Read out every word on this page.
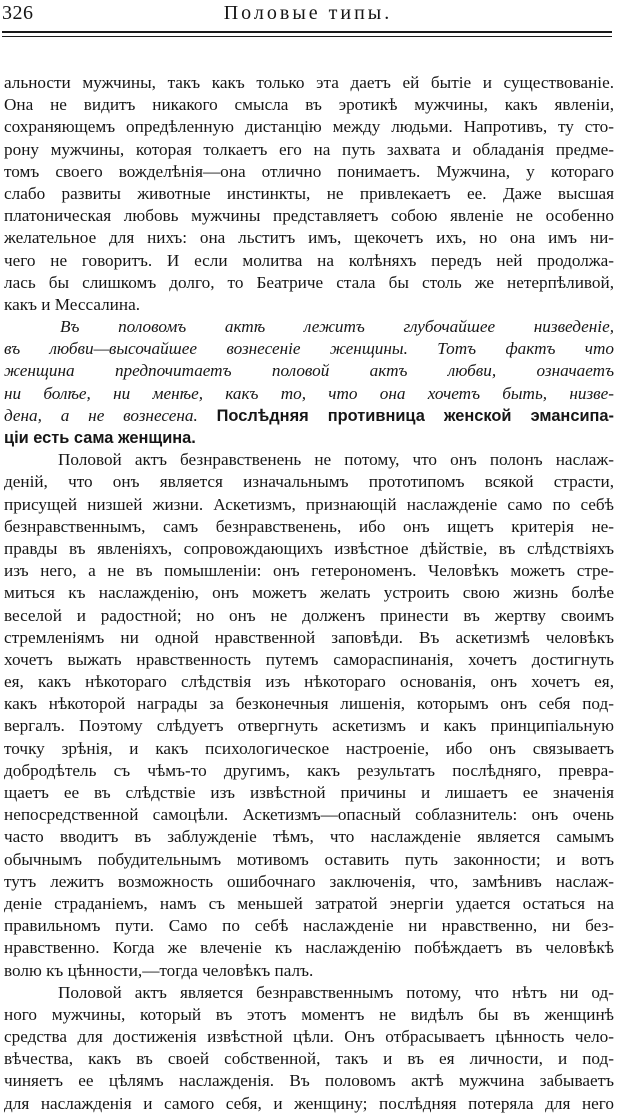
326	Половые типы.
альности мужчины, такъ какъ только эта даетъ ей бытіе и существованіе.
Она не видитъ никакого смысла въ эротикѣ мужчины, какъ явленіи,
сохраняющемъ опредѣленную дистанцію между людьми. Напротивъ, ту сто-
рону мужчины, которая толкаетъ его на путь захвата и обладанія предме-
томъ своего вожделѣнія—она отлично понимаетъ. Мужчина, у котораго
слабо развиты животные инстинкты, не привлекаетъ ее. Даже высшая
платоническая любовь мужчины представляетъ собою явленіе не особенно
желательное для нихъ: она льститъ имъ, щекочетъ ихъ, но она имъ ни-
чего не говоритъ. И если молитва на колѣняхъ передъ ней продолжа-
лась бы слишкомъ долго, то Беатриче стала бы столь же нетерпѣливой,
какъ и Мессалина.
Въ половомъ актѣ лежитъ глубочайшее низведеніе,
въ любви—высочайшее вознесеніе женщины. Тотъ фактъ что
женщина предпочитаетъ половой актъ любви, означаетъ
ни болѣе, ни менѣе, какъ то, что она хочетъ быть, низве-
дена, а не вознесена. Послѣдняя противница женской эмансипа-
ціи есть сама женщина.
Половой актъ безнравственень не потому, что онъ полонъ наслаж-
деній, что онъ является изначальнымъ прототипомъ всякой страсти,
присущей низшей жизни. Аскетизмъ, признающій наслажденіе само по себѣ
безнравственнымъ, самъ безнравственень, ибо онъ ищетъ критерія не-
правды въ явленіяхъ, сопровождающихъ извѣстное дѣйствіе, въ слѣдствіяхъ
изъ него, а не въ помышленіи: онъ гетерономенъ. Человѣкъ можетъ стре-
миться къ наслажденію, онъ можетъ желать устроить свою жизнь болѣе
веселой и радостной; но онъ не долженъ принести въ жертву своимъ
стремленіямъ ни одной нравственной заповѣди. Въ аскетизмѣ человѣкъ
хочетъ выжать нравственность путемъ самораспинанія, хочетъ достигнуть
ея, какъ нѣкотораго слѣдствія изъ нѣкотораго основанія, онъ хочетъ ея,
какъ нѣкоторой награды за безконечныя лишенія, которымъ онъ себя под-
вергалъ. Поэтому слѣдуетъ отвергнуть аскетизмъ и какъ принципіальную
точку зрѣнія, и какъ психологическое настроеніе, ибо онъ связываетъ
добродѣтель съ чѣмъ-то другимъ, какъ результатъ послѣдняго, превра-
щаетъ ее въ слѣдствіе изъ извѣстной причины и лишаетъ ее значенія
непосредственной самоцѣли. Аскетизмъ—опасный соблазнитель: онъ очень
часто вводитъ въ заблужденіе тѣмъ, что наслажденіе является самымъ
обычнымъ побудительнымъ мотивомъ оставить путь законности; и вотъ
тутъ лежитъ возможность ошибочнаго заключенія, что, замѣнивъ наслаж-
деніе страданіемъ, намъ съ меньшей затратой энергіи удается остаться на
правильномъ пути. Само по себѣ наслажденіе ни нравственно, ни без-
нравственно. Когда же влеченіе къ наслажденію побѣждаетъ въ человѣкѣ
волю къ цѣнности,—тогда человѣкъ палъ.
Половой актъ является безнравственнымъ потому, что нѣтъ ни од-
ного мужчины, который въ этотъ моментъ не видѣлъ бы въ женщинѣ
средства для достиженія извѣстной цѣли. Онъ отбрасываетъ цѣнность чело-
вѣчества, какъ въ своей собственной, такъ и въ ея личности, и под-
чиняетъ ее цѣлямъ наслажденія. Въ половомъ актѣ мужчина забываетъ
для наслажденія и самого себя, и женщину; послѣдняя потеряла для него
